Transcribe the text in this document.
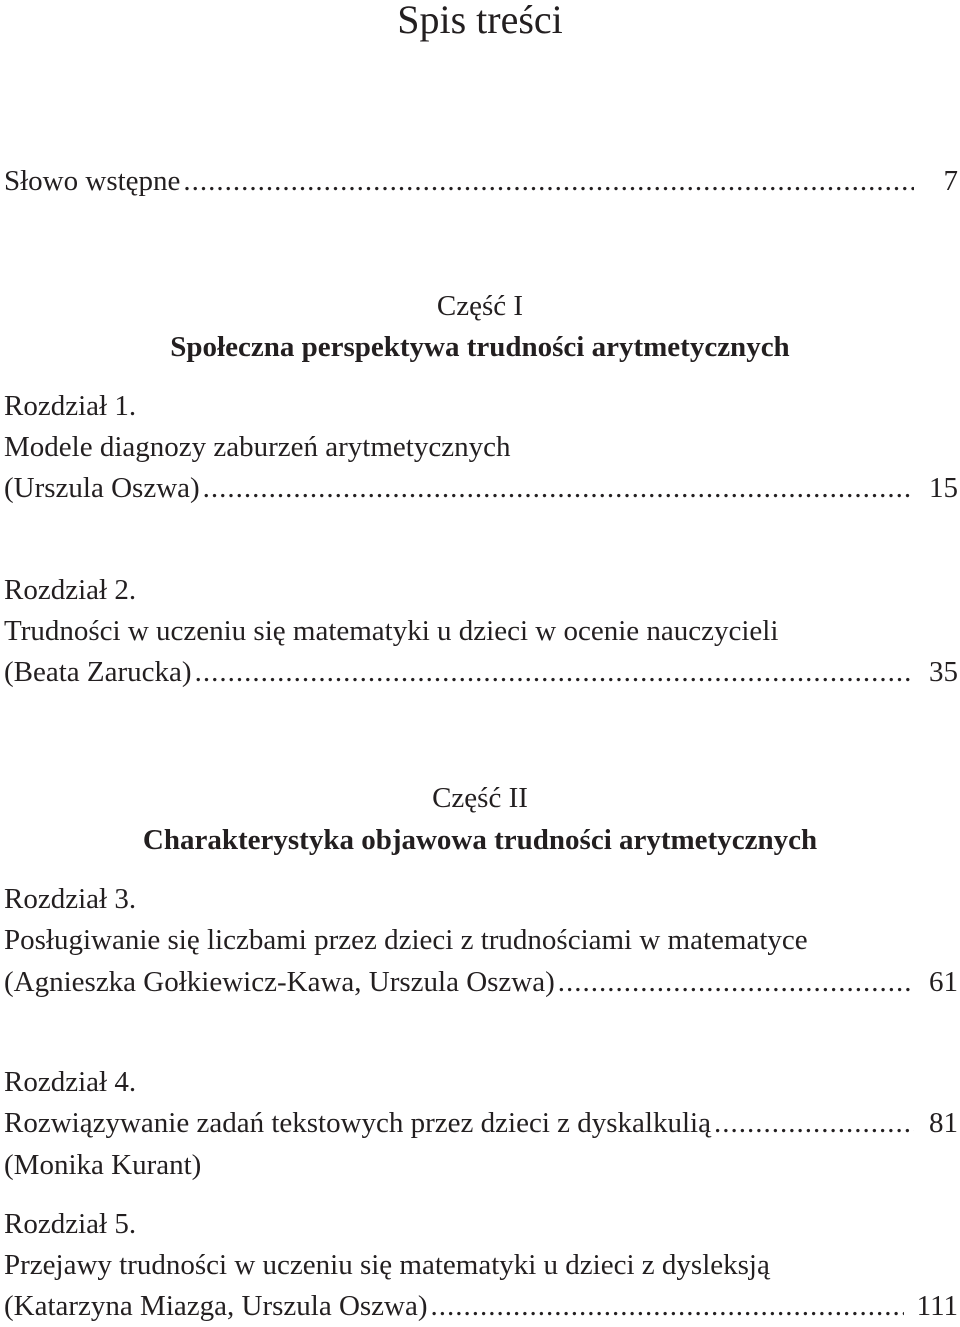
Spis treści
Słowo wstępne .....	7
Część I
Społeczna perspektywa trudności arytmetycznych
Rozdział 1.
Modele diagnozy zaburzeń arytmetycznych
(Urszula Oszwa) .....	15
Rozdział 2.
Trudności w uczeniu się matematyki u dzieci w ocenie nauczycieli
(Beata Zarucka) .....	35
Część II
Charakterystyka objawowa trudności arytmetycznych
Rozdział 3.
Posługiwanie się liczbami przez dzieci z trudnościami w matematyce
(Agnieszka Gołkiewicz-Kawa, Urszula Oszwa) .....	61
Rozdział 4.
Rozwiązywanie zadań tekstowych przez dzieci z dyskalkulią .....	81
(Monika Kurant)
Rozdział 5.
Przejawy trudności w uczeniu się matematyki u dzieci z dysleksją
(Katarzyna Miazga, Urszula Oszwa) .....	111
